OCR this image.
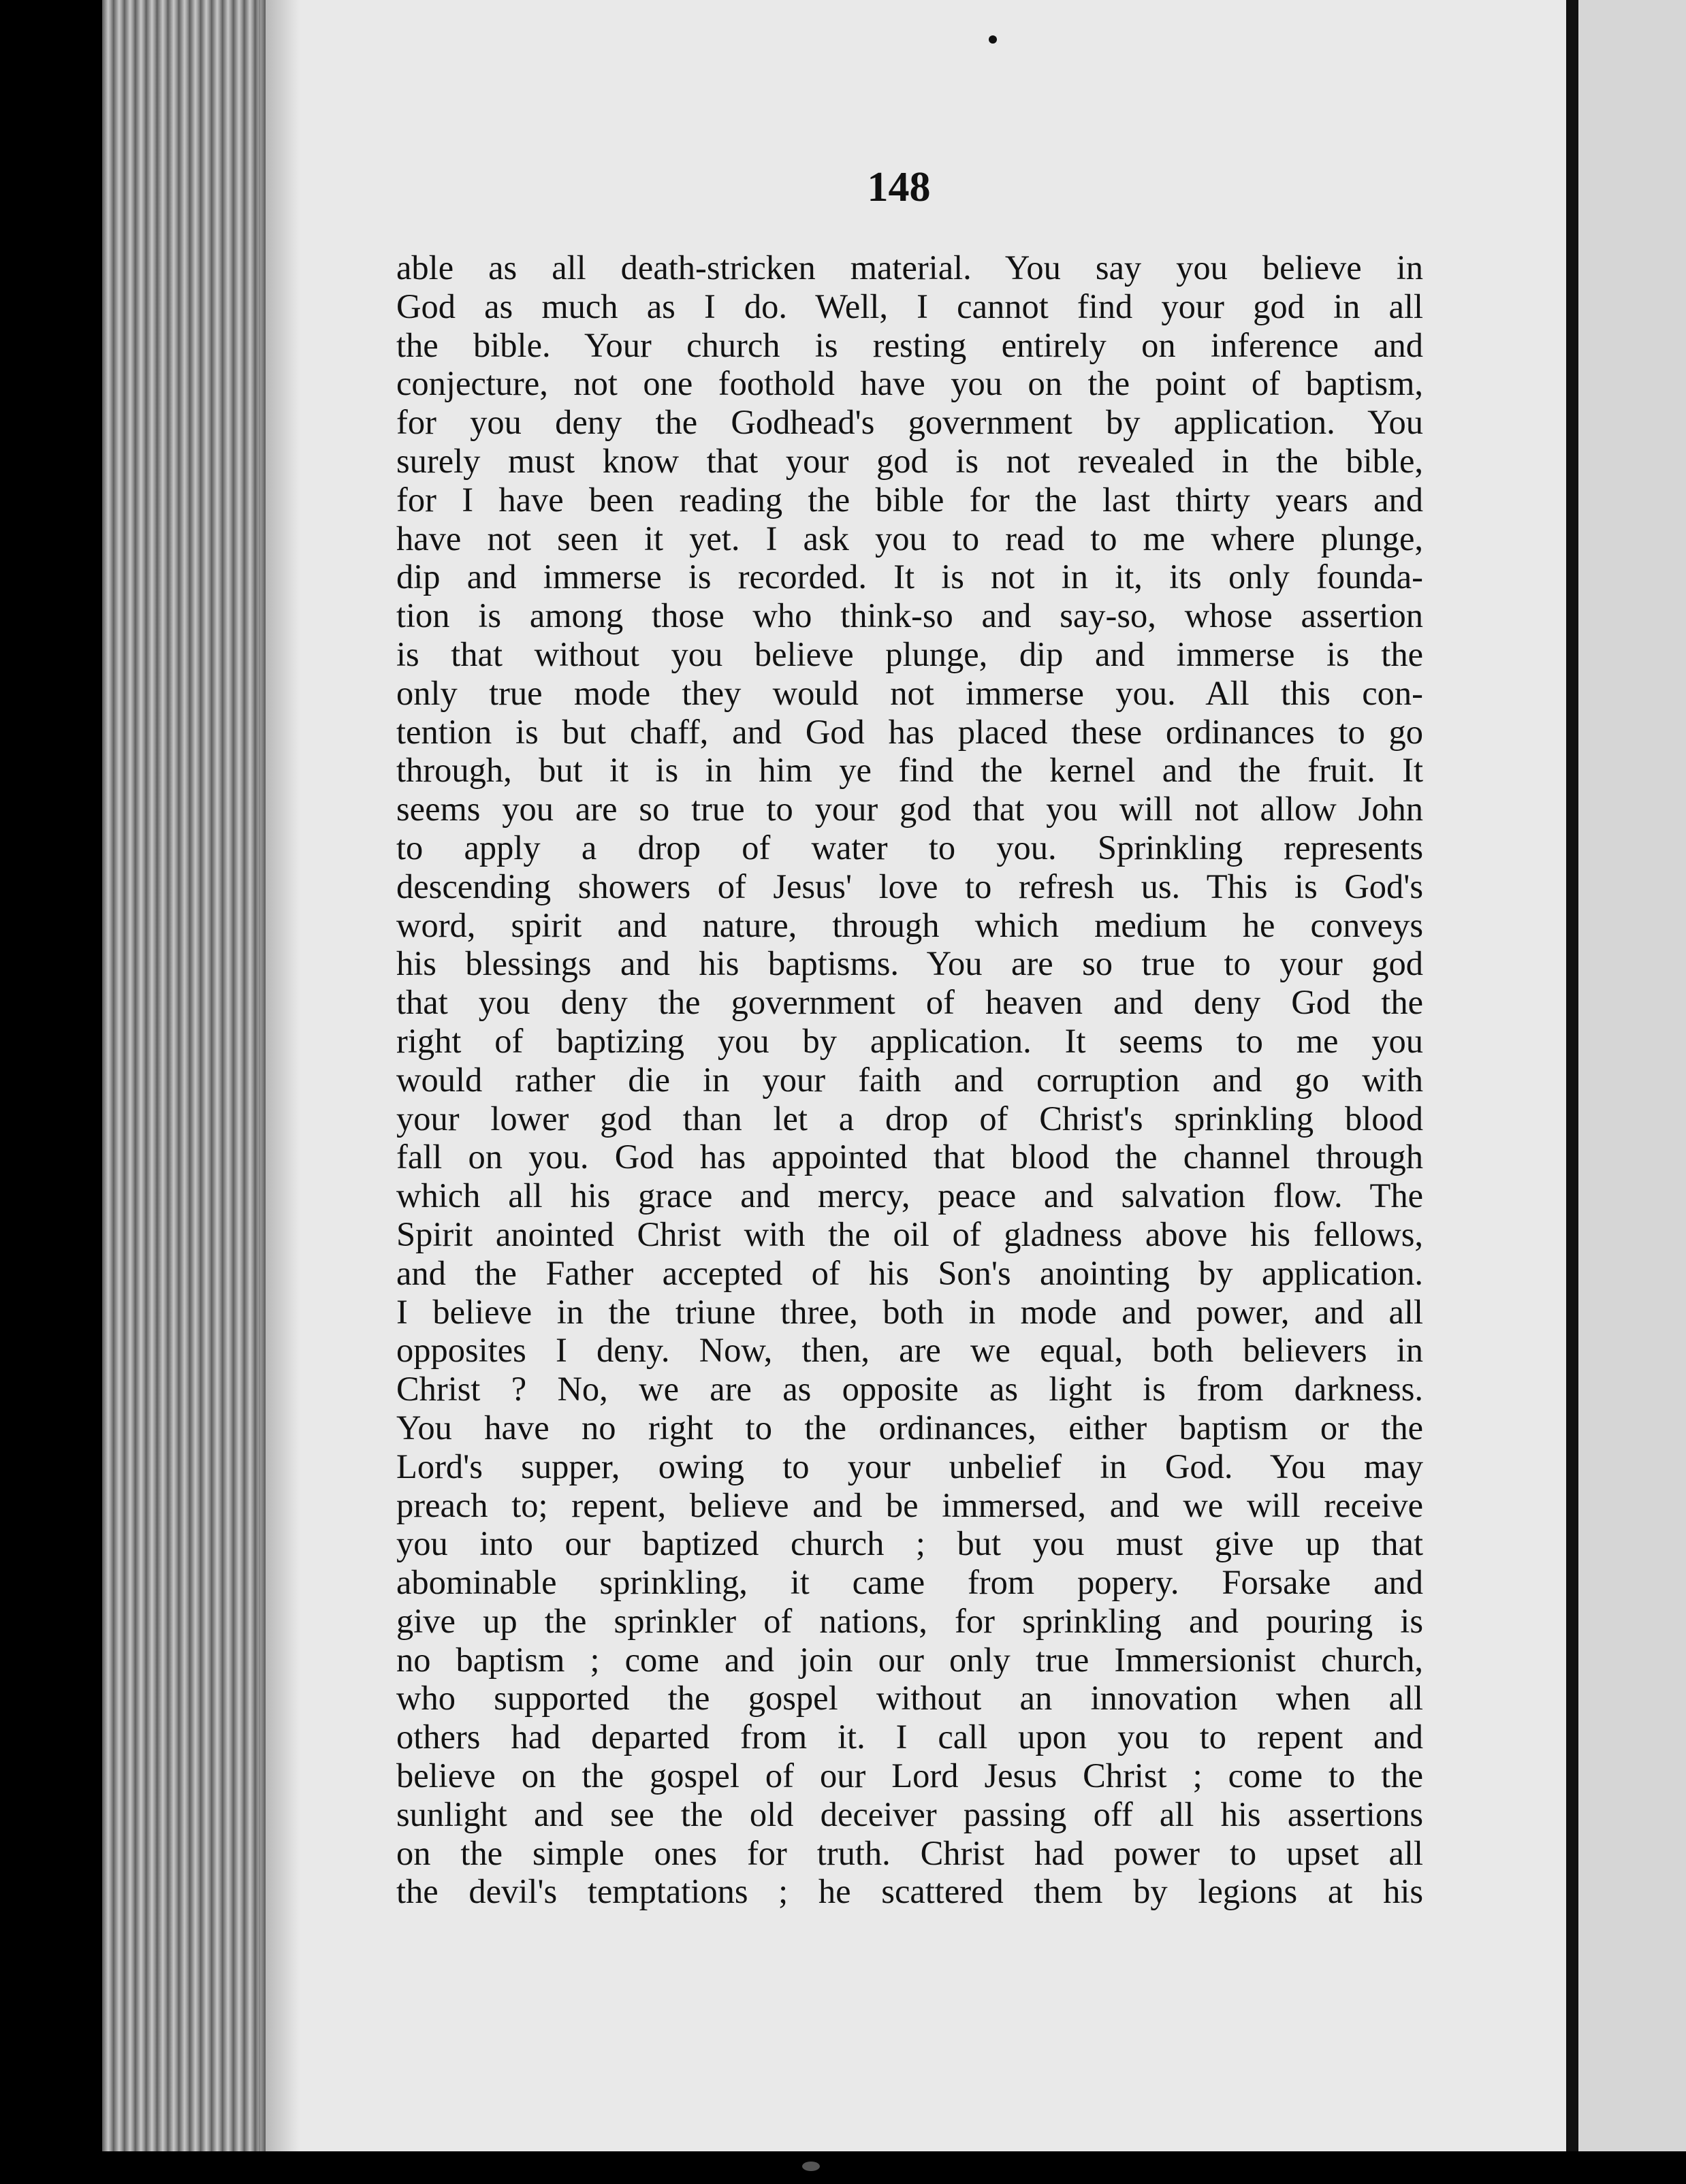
148
able as all death-stricken material. You say you believe in
God as much as I do. Well, I cannot find your god in all
the bible. Your church is resting entirely on inference and
conjecture, not one foothold have you on the point of baptism,
for you deny the Godhead's government by application. You
surely must know that your god is not revealed in the bible,
for I have been reading the bible for the last thirty years and
have not seen it yet. I ask you to read to me where plunge,
dip and immerse is recorded. It is not in it, its only founda-
tion is among those who think-so and say-so, whose assertion
is that without you believe plunge, dip and immerse is the
only true mode they would not immerse you. All this con-
tention is but chaff, and God has placed these ordinances to go
through, but it is in him ye find the kernel and the fruit. It
seems you are so true to your god that you will not allow John
to apply a drop of water to you. Sprinkling represents
descending showers of Jesus' love to refresh us. This is God's
word, spirit and nature, through which medium he conveys
his blessings and his baptisms. You are so true to your god
that you deny the government of heaven and deny God the
right of baptizing you by application. It seems to me you
would rather die in your faith and corruption and go with
your lower god than let a drop of Christ's sprinkling blood
fall on you. God has appointed that blood the channel through
which all his grace and mercy, peace and salvation flow. The
Spirit anointed Christ with the oil of gladness above his fellows,
and the Father accepted of his Son's anointing by application.
I believe in the triune three, both in mode and power, and all
opposites I deny. Now, then, are we equal, both believers in
Christ ? No, we are as opposite as light is from darkness.
You have no right to the ordinances, either baptism or the
Lord's supper, owing to your unbelief in God. You may
preach to; repent, believe and be immersed, and we will receive
you into our baptized church ; but you must give up that
abominable sprinkling, it came from popery. Forsake and
give up the sprinkler of nations, for sprinkling and pouring is
no baptism ; come and join our only true Immersionist church,
who supported the gospel without an innovation when all
others had departed from it. I call upon you to repent and
believe on the gospel of our Lord Jesus Christ ; come to the
sunlight and see the old deceiver passing off all his assertions
on the simple ones for truth. Christ had power to upset all
the devil's temptations ; he scattered them by legions at his
